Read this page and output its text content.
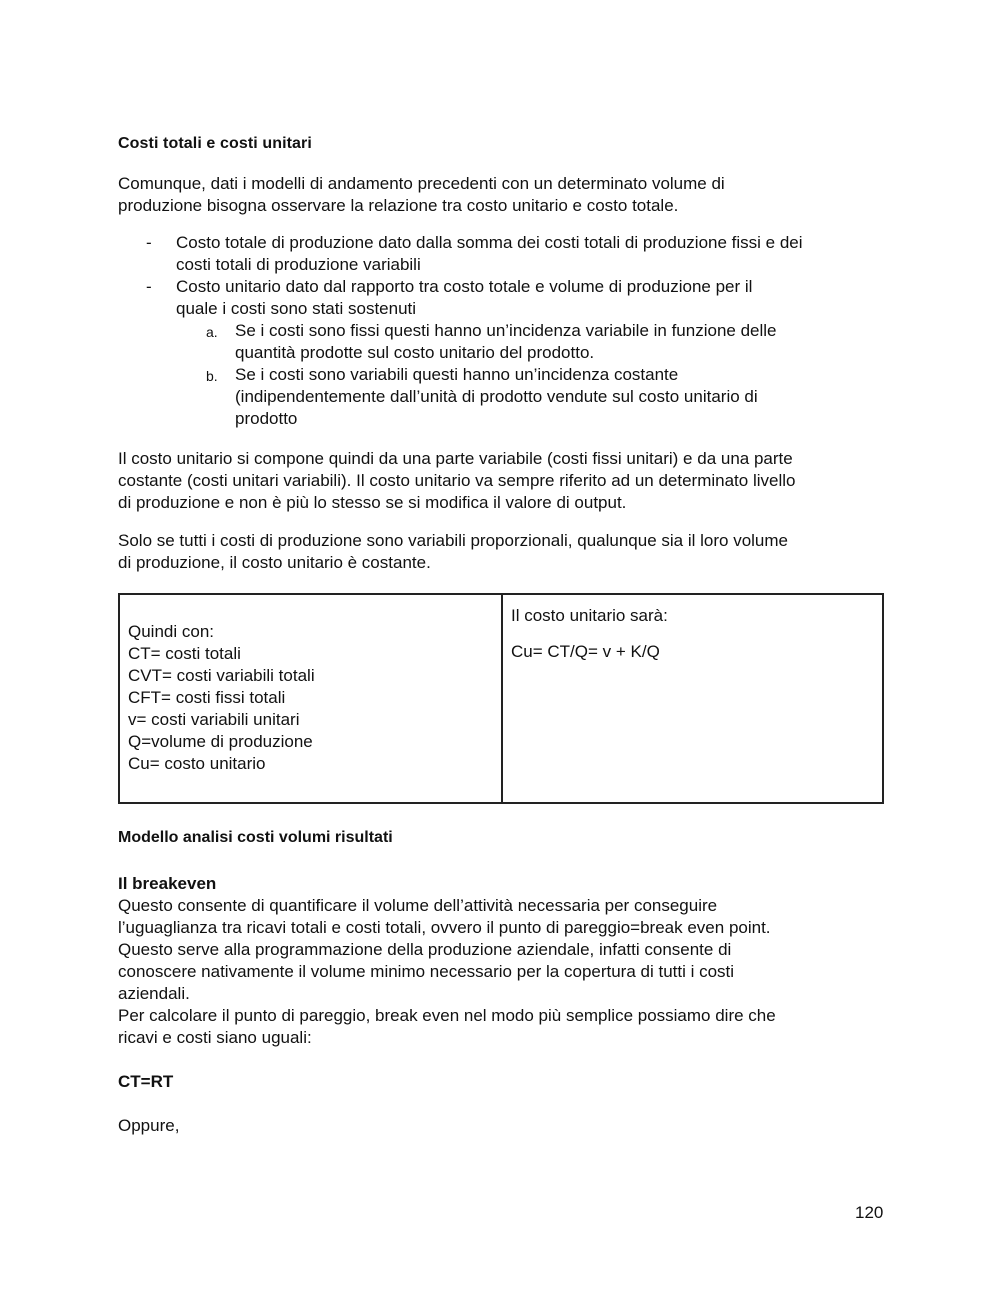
Costi totali e costi unitari
Comunque, dati i modelli di andamento precedenti con un determinato volume di
produzione bisogna osservare la relazione tra costo unitario e costo totale.
- Costo totale di produzione dato dalla somma dei costi totali di produzione fissi e dei
costi totali di produzione variabili
- Costo unitario dato dal rapporto tra costo totale e volume di produzione per il
quale i costi sono stati sostenuti
a. Se i costi sono fissi questi hanno un’incidenza variabile in funzione delle
quantità prodotte sul costo unitario del prodotto.
b. Se i costi sono variabili questi hanno un’incidenza costante
(indipendentemente dall’unità di prodotto vendute sul costo unitario di
prodotto
Il costo unitario si compone quindi da una parte variabile (costi fissi unitari) e da una parte
costante (costi unitari variabili). Il costo unitario va sempre riferito ad un determinato livello
di produzione e non è più lo stesso se si modifica il valore di output.
Solo se tutti i costi di produzione sono variabili proporzionali, qualunque sia il loro volume
di produzione, il costo unitario è costante.
Quindi con:
CT= costi totali
CVT= costi variabili totali
CFT= costi fissi totali
v= costi variabili unitari
Q=volume di produzione
Cu= costo unitario
Il costo unitario sarà:
Cu= CT/Q= v + K/Q
Modello analisi costi volumi risultati
Il breakeven
Questo consente di quantificare il volume dell’attività necessaria per conseguire
l’uguaglianza tra ricavi totali e costi totali, ovvero il punto di pareggio=break even point.
Questo serve alla programmazione della produzione aziendale, infatti consente di
conoscere nativamente il volume minimo necessario per la copertura di tutti i costi
aziendali.
Per calcolare il punto di pareggio, break even nel modo più semplice possiamo dire che
ricavi e costi siano uguali:
CT=RT
Oppure,
120
